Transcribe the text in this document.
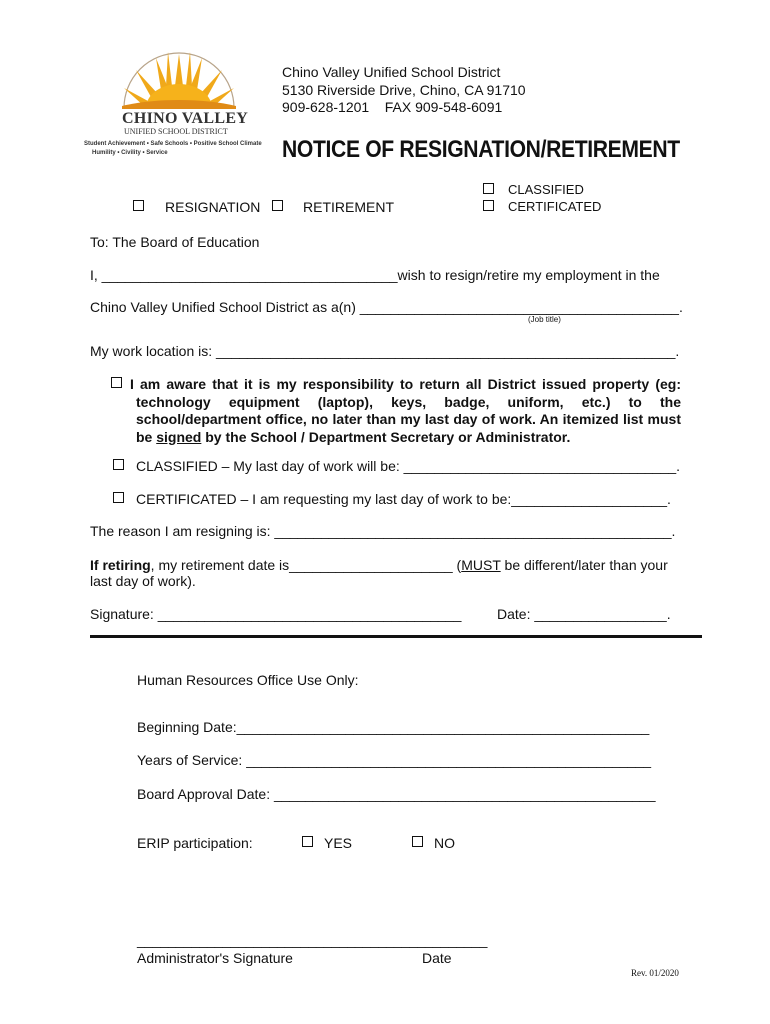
CHINO VALLEY
UNIFIED SCHOOL DISTRICT
Student Achievement • Safe Schools • Positive School Climate
Humility • Civility • Service
Chino Valley Unified School District
5130 Riverside Drive, Chino, CA 91710
909-628-1201    FAX 909-548-6091
NOTICE OF RESIGNATION/RETIREMENT
RESIGNATION	RETIREMENT
CLASSIFIED
CERTIFICATED
To: The Board of Education
I, ______________________________________wish to resign/retire my employment in the
Chino Valley Unified School District as a(n) _________________________________________.
(Job title)
My work location is: ___________________________________________________________.
I am aware that it is my responsibility to return all District issued property (eg: technology equipment (laptop), keys, badge, uniform, etc.) to the school/department office, no later than my last day of work. An itemized list must be signed by the School / Department Secretary or Administrator.
CLASSIFIED – My last day of work will be: ___________________________________.
CERTIFICATED – I am requesting my last day of work to be:____________________.
The reason I am resigning is: ___________________________________________________.
If retiring, my retirement date is_____________________ (MUST be different/later than your
last day of work).
Signature: _______________________________________	Date: _________________.
Human Resources Office Use Only:
Beginning Date:_____________________________________________________
Years of Service: ____________________________________________________
Board Approval Date: _________________________________________________
ERIP participation:	YES	NO
_____________________________________________
Administrator's Signature	Date
Rev. 01/2020
